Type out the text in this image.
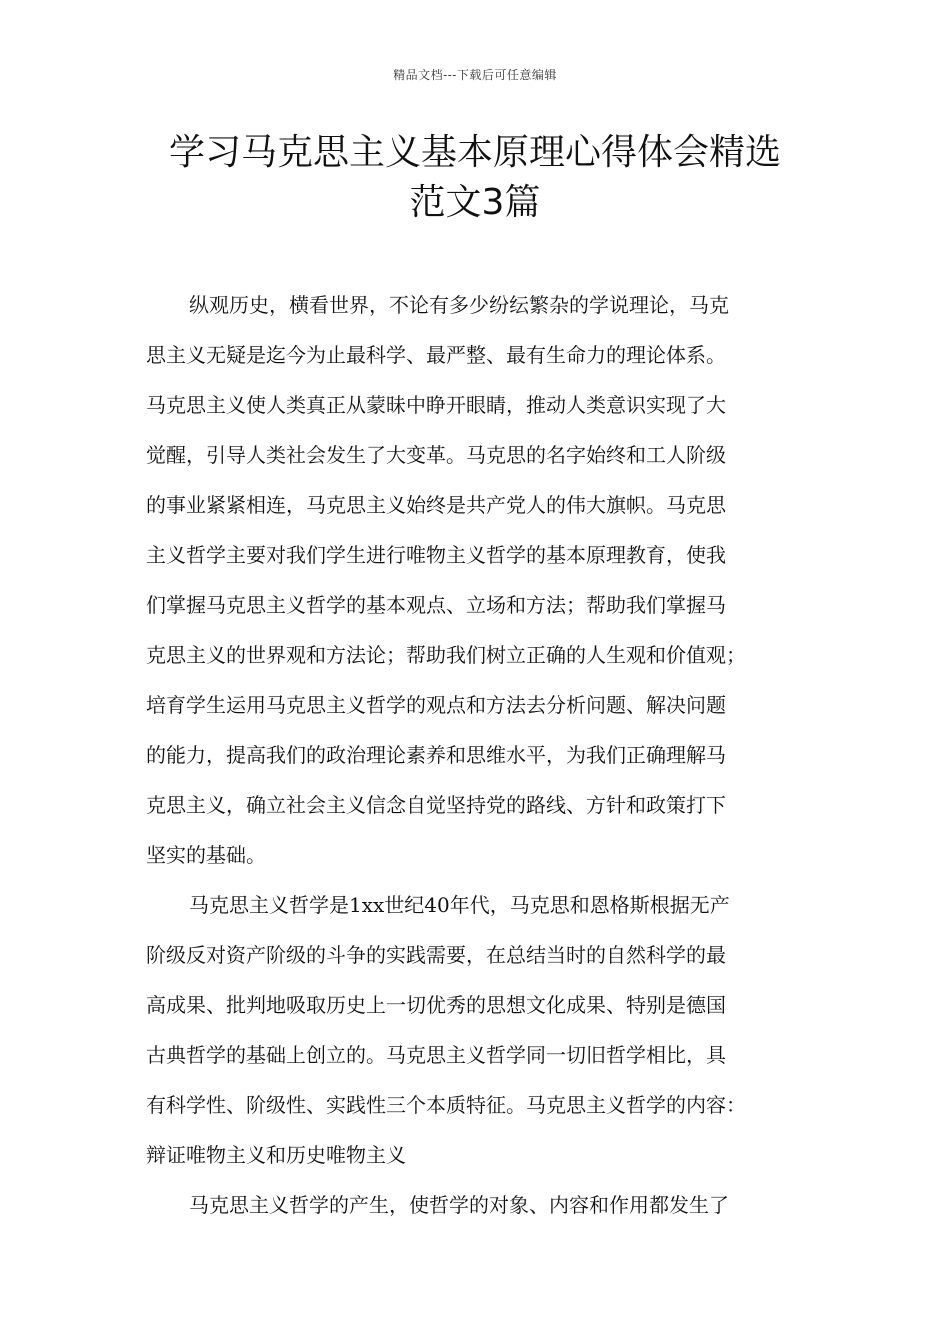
精品文档---下载后可任意编辑
学习马克思主义基本原理心得体会精选
范文3篇

纵观历史，横看世界，不论有多少纷纭繁杂的学说理论，马克
思主义无疑是迄今为止最科学、最严整、最有生命力的理论体系。
马克思主义使人类真正从蒙昧中睁开眼睛，推动人类意识实现了大
觉醒，引导人类社会发生了大变革。马克思的名字始终和工人阶级
的事业紧紧相连，马克思主义始终是共产党人的伟大旗帜。马克思
主义哲学主要对我们学生进行唯物主义哲学的基本原理教育，使我
们掌握马克思主义哲学的基本观点、立场和方法；帮助我们掌握马
克思主义的世界观和方法论；帮助我们树立正确的人生观和价值观；
培育学生运用马克思主义哲学的观点和方法去分析问题、解决问题
的能力，提高我们的政治理论素养和思维水平，为我们正确理解马
克思主义，确立社会主义信念自觉坚持党的路线、方针和政策打下
坚实的基础。

马克思主义哲学是1xx世纪40年代，马克思和恩格斯根据无产
阶级反对资产阶级的斗争的实践需要，在总结当时的自然科学的最
高成果、批判地吸取历史上一切优秀的思想文化成果、特别是德国
古典哲学的基础上创立的。马克思主义哲学同一切旧哲学相比，具
有科学性、阶级性、实践性三个本质特征。马克思主义哲学的内容：
辩证唯物主义和历史唯物主义

马克思主义哲学的产生，使哲学的对象、内容和作用都发生了
